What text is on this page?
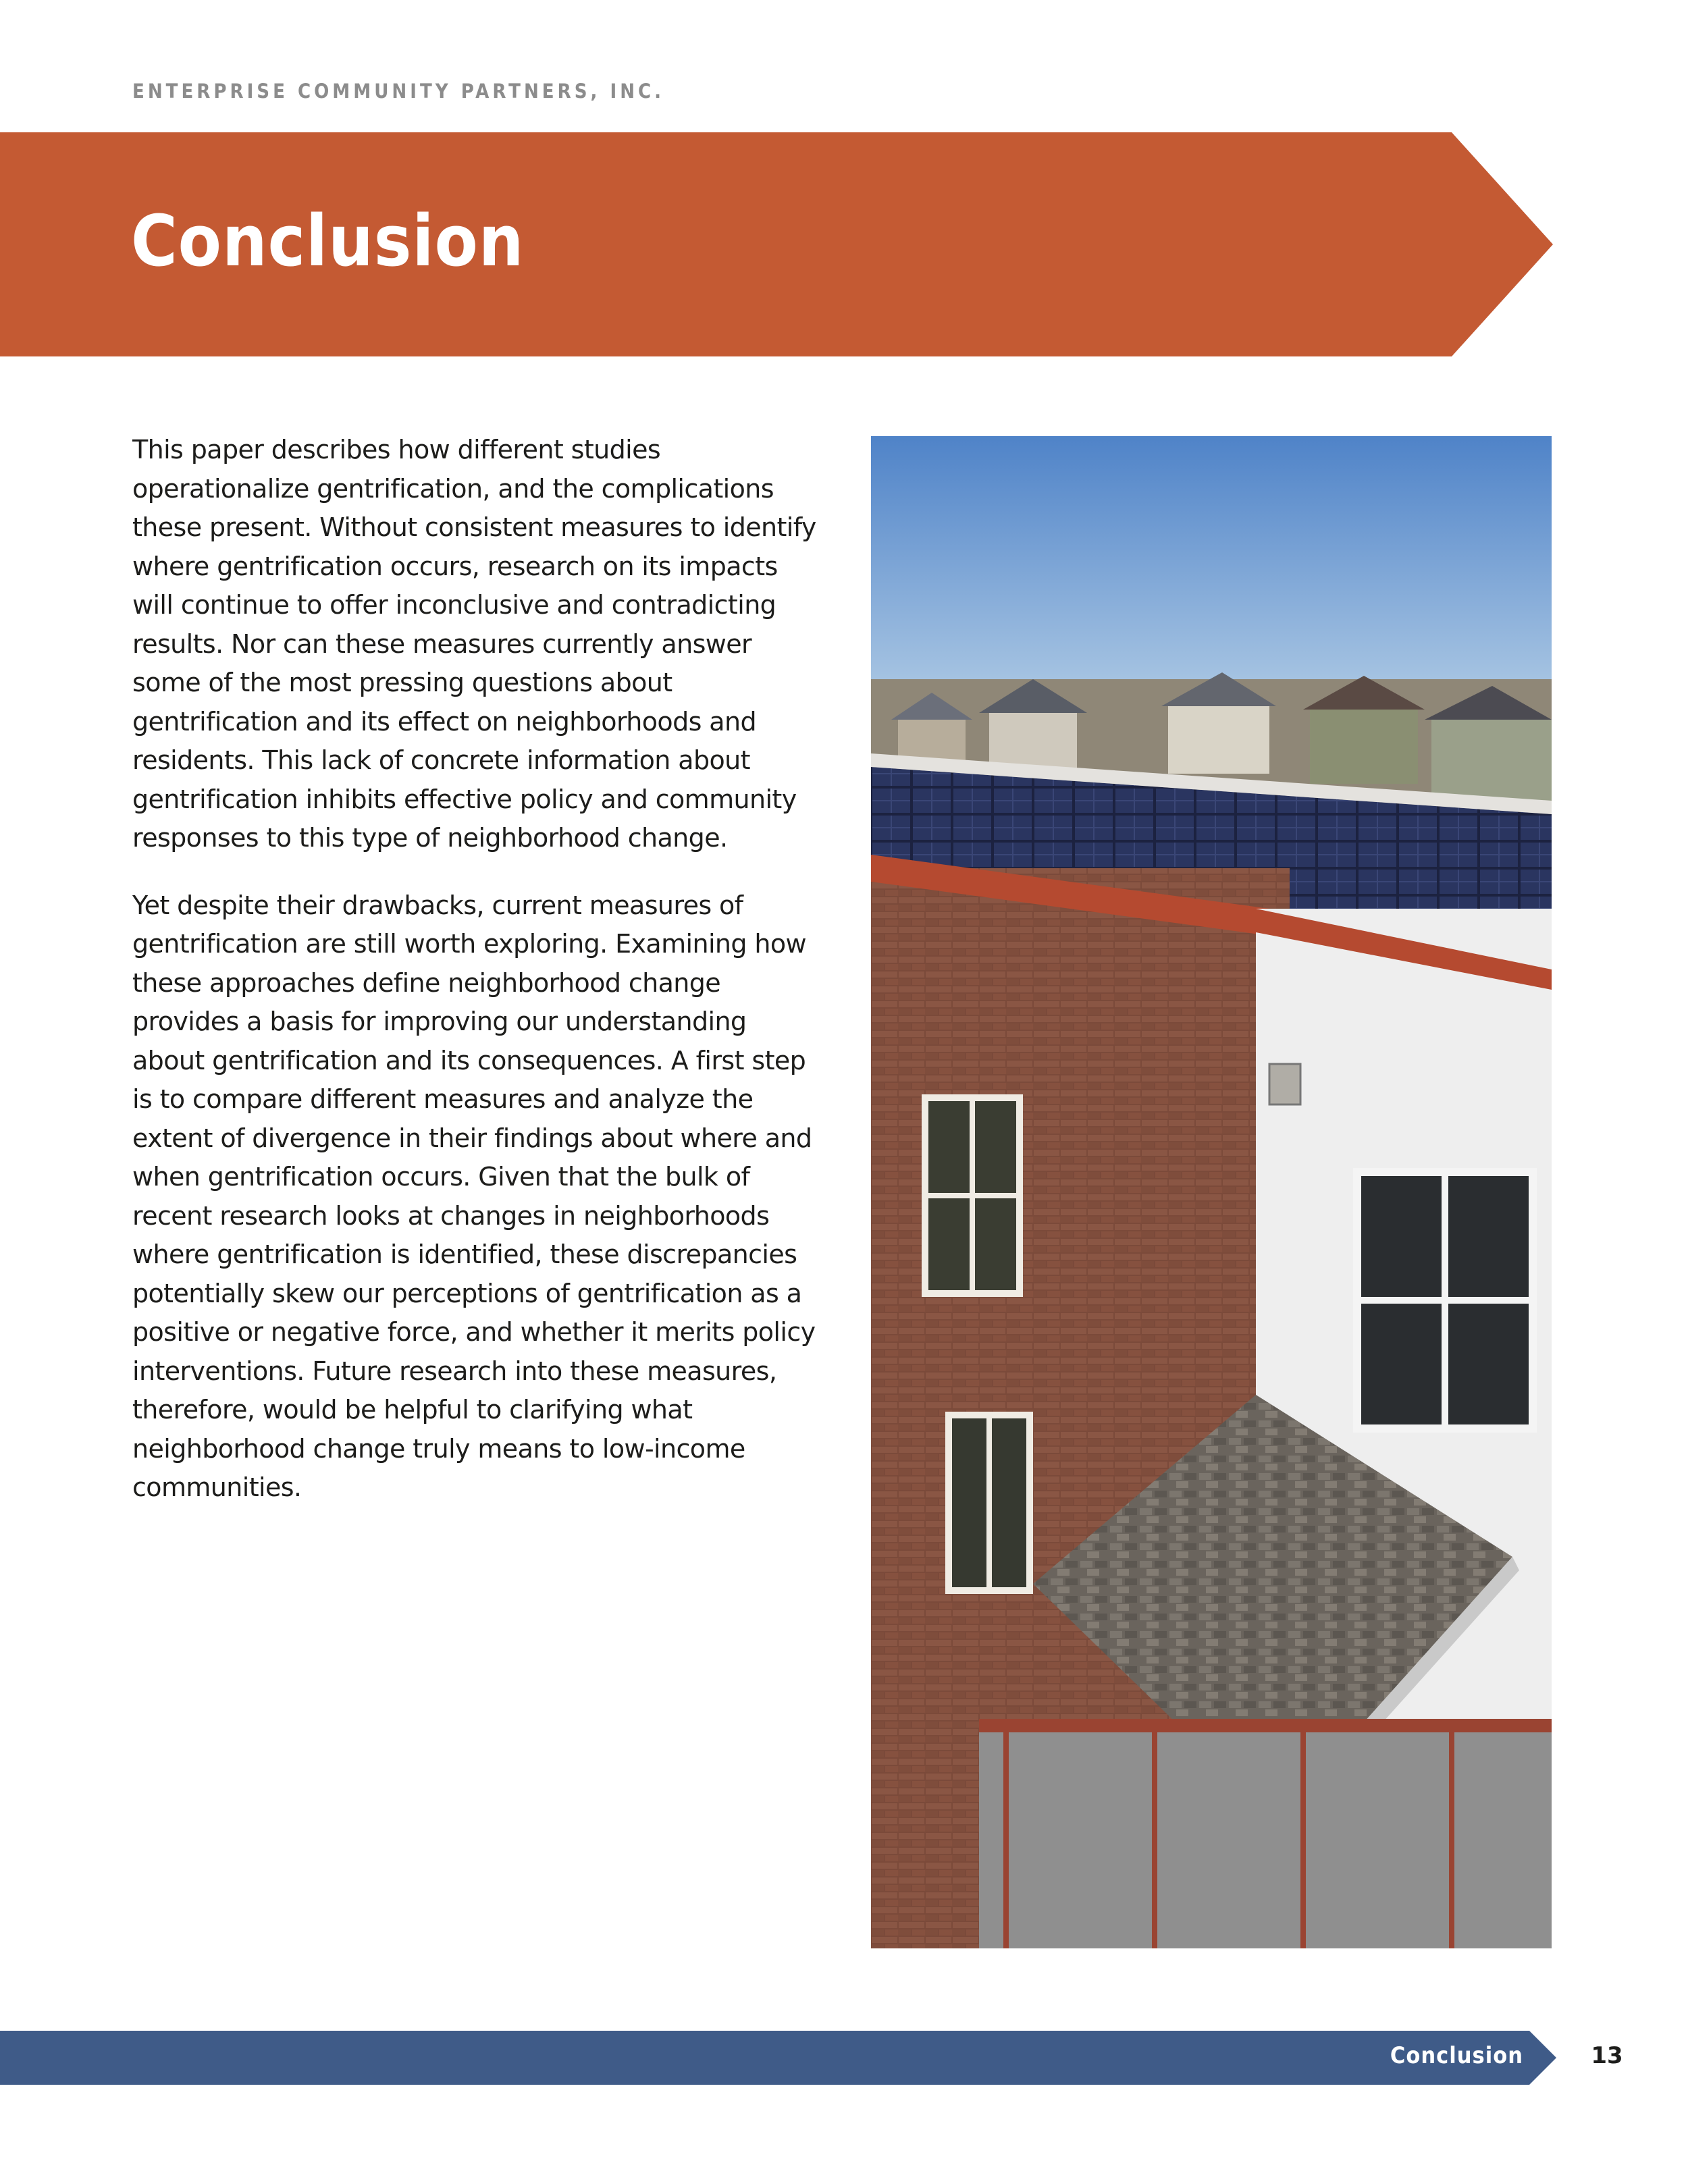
ENTERPRISE COMMUNITY PARTNERS, INC.
Conclusion

This paper describes how different studies operationalize gentrification, and the complications these present. Without consistent measures to identify where gentrification occurs, research on its impacts will continue to offer inconclusive and contradicting results. Nor can these measures currently answer some of the most pressing questions about gentrification and its effect on neighborhoods and residents. This lack of concrete information about gentrification inhibits effective policy and community responses to this type of neighborhood change.

Yet despite their drawbacks, current measures of gentrification are still worth exploring. Examining how these approaches define neighborhood change provides a basis for improving our understanding about gentrification and its consequences. A first step is to compare different measures and analyze the extent of divergence in their findings about where and when gentrification occurs. Given that the bulk of recent research looks at changes in neighborhoods where gentrification is identified, these discrepancies potentially skew our perceptions of gentrification as a positive or negative force, and whether it merits policy interventions. Future research into these measures, therefore, would be helpful to clarifying what neighborhood change truly means to low-income communities.

Conclusion	13
